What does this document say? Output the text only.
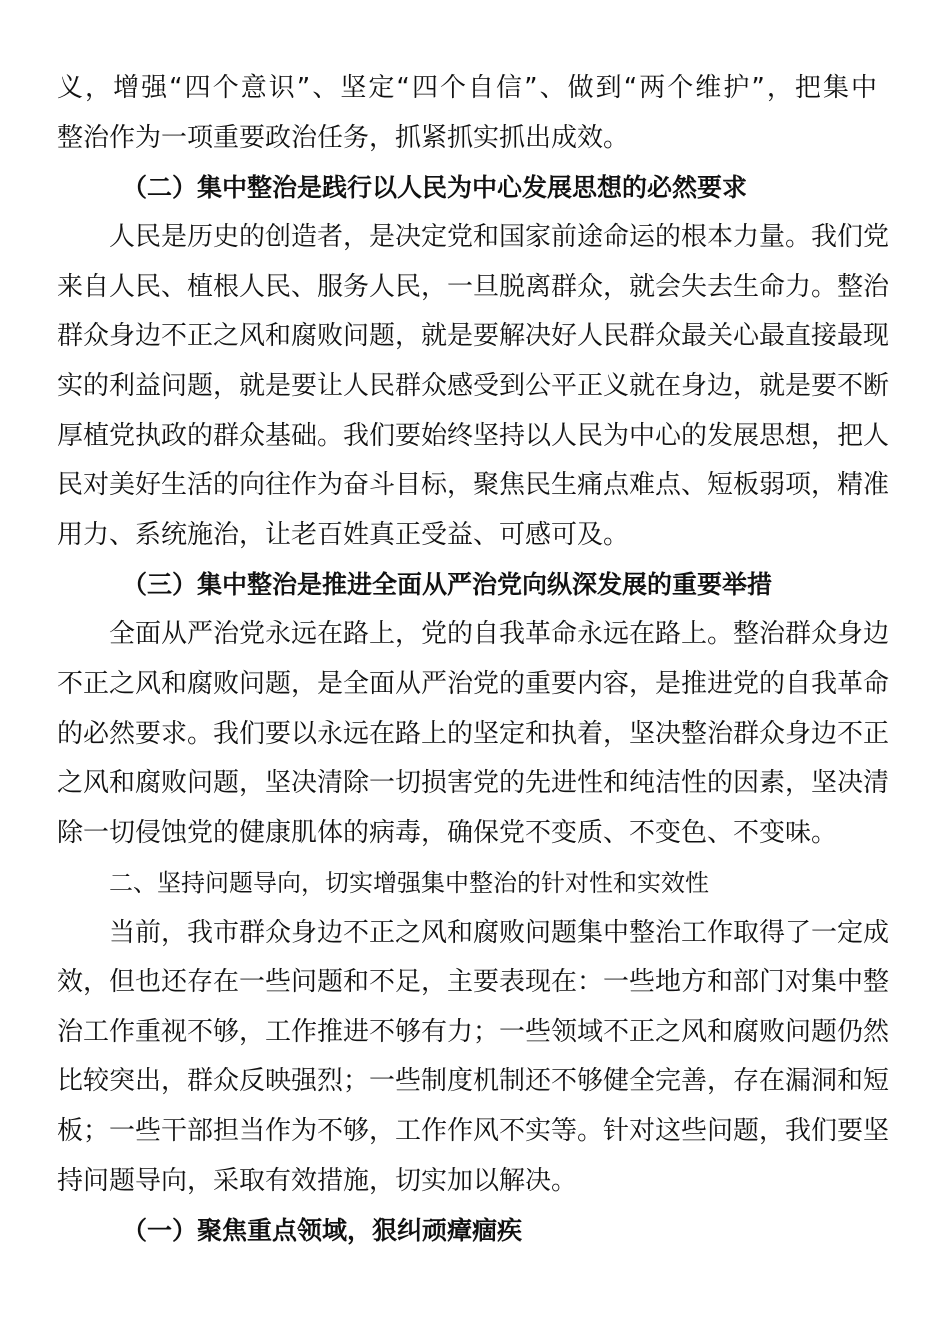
义，增强“四个意识”、坚定“四个自信”、做到“两个维护”，把集中
整治作为一项重要政治任务，抓紧抓实抓出成效。
（二）集中整治是践行以人民为中心发展思想的必然要求
人民是历史的创造者，是决定党和国家前途命运的根本力量。我们党
来自人民、植根人民、服务人民，一旦脱离群众，就会失去生命力。整治
群众身边不正之风和腐败问题，就是要解决好人民群众最关心最直接最现
实的利益问题，就是要让人民群众感受到公平正义就在身边，就是要不断
厚植党执政的群众基础。我们要始终坚持以人民为中心的发展思想，把人
民对美好生活的向往作为奋斗目标，聚焦民生痛点难点、短板弱项，精准
用力、系统施治，让老百姓真正受益、可感可及。
（三）集中整治是推进全面从严治党向纵深发展的重要举措
全面从严治党永远在路上，党的自我革命永远在路上。整治群众身边
不正之风和腐败问题，是全面从严治党的重要内容，是推进党的自我革命
的必然要求。我们要以永远在路上的坚定和执着，坚决整治群众身边不正
之风和腐败问题，坚决清除一切损害党的先进性和纯洁性的因素，坚决清
除一切侵蚀党的健康肌体的病毒，确保党不变质、不变色、不变味。
二、坚持问题导向，切实增强集中整治的针对性和实效性
当前，我市群众身边不正之风和腐败问题集中整治工作取得了一定成
效，但也还存在一些问题和不足，主要表现在：一些地方和部门对集中整
治工作重视不够，工作推进不够有力；一些领域不正之风和腐败问题仍然
比较突出，群众反映强烈；一些制度机制还不够健全完善，存在漏洞和短
板；一些干部担当作为不够，工作作风不实等。针对这些问题，我们要坚
持问题导向，采取有效措施，切实加以解决。
（一）聚焦重点领域，狠纠顽瘴痼疾
